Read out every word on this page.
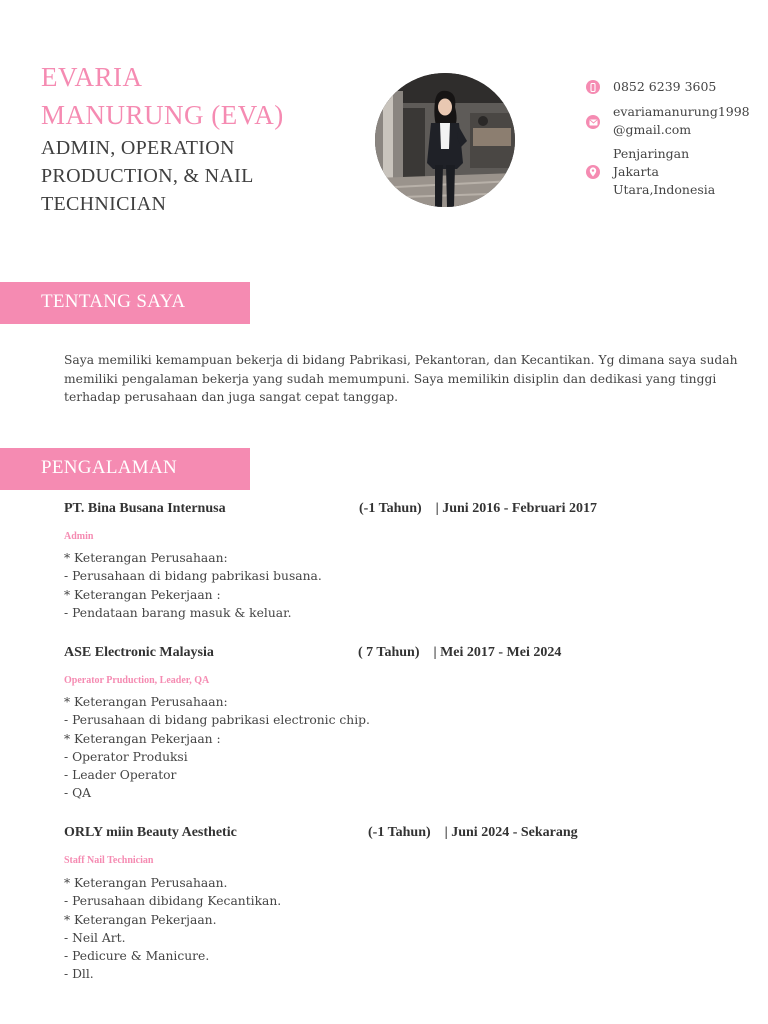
EVARIA
MANURUNG (EVA)
ADMIN, OPERATION
PRODUCTION, & NAIL
TECHNICIAN
0852 6239 3605
evariamanurung1998
@gmail.com
Penjaringan
Jakarta
Utara,Indonesia
TENTANG SAYA
Saya memiliki kemampuan bekerja di bidang Pabrikasi, Pekantoran, dan Kecantikan. Yg dimana saya sudah memiliki pengalaman bekerja yang sudah memumpuni. Saya memilikin disiplin dan dedikasi yang tinggi terhadap perusahaan dan juga sangat cepat tanggap.
PENGALAMAN
PT. Bina Busana Internusa	(-1 Tahun)    | Juni 2016 - Februari 2017
Admin
* Keterangan Perusahaan:
- Perusahaan di bidang pabrikasi busana.
* Keterangan Pekerjaan :
- Pendataan barang masuk & keluar.
ASE Electronic Malaysia	( 7 Tahun)    | Mei 2017 - Mei 2024
Operator Pruduction, Leader, QA
* Keterangan Perusahaan:
- Perusahaan di bidang pabrikasi electronic chip.
* Keterangan Pekerjaan :
- Operator Produksi
- Leader Operator
- QA
ORLY miin Beauty Aesthetic	(-1 Tahun)    | Juni 2024 - Sekarang
Staff Nail Technician
* Keterangan Perusahaan.
- Perusahaan dibidang Kecantikan.
* Keterangan Pekerjaan.
- Neil Art.
- Pedicure & Manicure.
- Dll.
